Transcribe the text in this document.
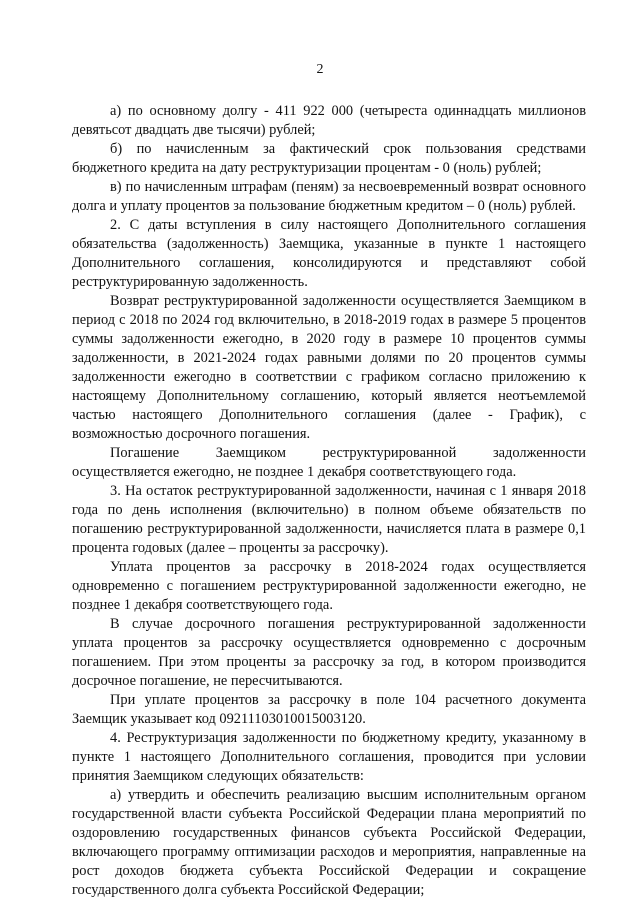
2

а) по основному долгу - 411 922 000 (четыреста одиннадцать миллионов девятьсот двадцать две тысячи) рублей;

б) по начисленным за фактический срок пользования средствами бюджетного кредита на дату реструктуризации процентам - 0 (ноль) рублей;

в) по начисленным штрафам (пеням) за несвоевременный возврат основного долга и уплату процентов за пользование бюджетным кредитом – 0 (ноль) рублей.

2. С даты вступления в силу настоящего Дополнительного соглашения обязательства (задолженность) Заемщика, указанные в пункте 1 настоящего Дополнительного соглашения, консолидируются и представляют собой реструктурированную задолженность.

Возврат реструктурированной задолженности осуществляется Заемщиком в период с 2018 по 2024 год включительно, в 2018-2019 годах в размере 5 процентов суммы задолженности ежегодно, в 2020 году в размере 10 процентов суммы задолженности, в 2021-2024 годах равными долями по 20 процентов суммы задолженности ежегодно в соответствии с графиком согласно приложению к настоящему Дополнительному соглашению, который является неотъемлемой частью настоящего Дополнительного соглашения (далее - График), с возможностью досрочного погашения.

Погашение Заемщиком реструктурированной задолженности осуществляется ежегодно, не позднее 1 декабря соответствующего года.

3. На остаток реструктурированной задолженности, начиная с 1 января 2018 года по день исполнения (включительно) в полном объеме обязательств по погашению реструктурированной задолженности, начисляется плата в размере 0,1 процента годовых (далее – проценты за рассрочку).

Уплата процентов за рассрочку в 2018-2024 годах осуществляется одновременно с погашением реструктурированной задолженности ежегодно, не позднее 1 декабря соответствующего года.

В случае досрочного погашения реструктурированной задолженности уплата процентов за рассрочку осуществляется одновременно с досрочным погашением. При этом проценты за рассрочку за год, в котором производится досрочное погашение, не пересчитываются.

При уплате процентов за рассрочку в поле 104 расчетного документа Заемщик указывает код 09211103010015003120.

4. Реструктуризация задолженности по бюджетному кредиту, указанному в пункте 1 настоящего Дополнительного соглашения, проводится при условии принятия Заемщиком следующих обязательств:

а) утвердить и обеспечить реализацию высшим исполнительным органом государственной власти субъекта Российской Федерации плана мероприятий по оздоровлению государственных финансов субъекта Российской Федерации, включающего программу оптимизации расходов и мероприятия, направленные на рост доходов бюджета субъекта Российской Федерации и сокращение государственного долга субъекта Российской Федерации;
